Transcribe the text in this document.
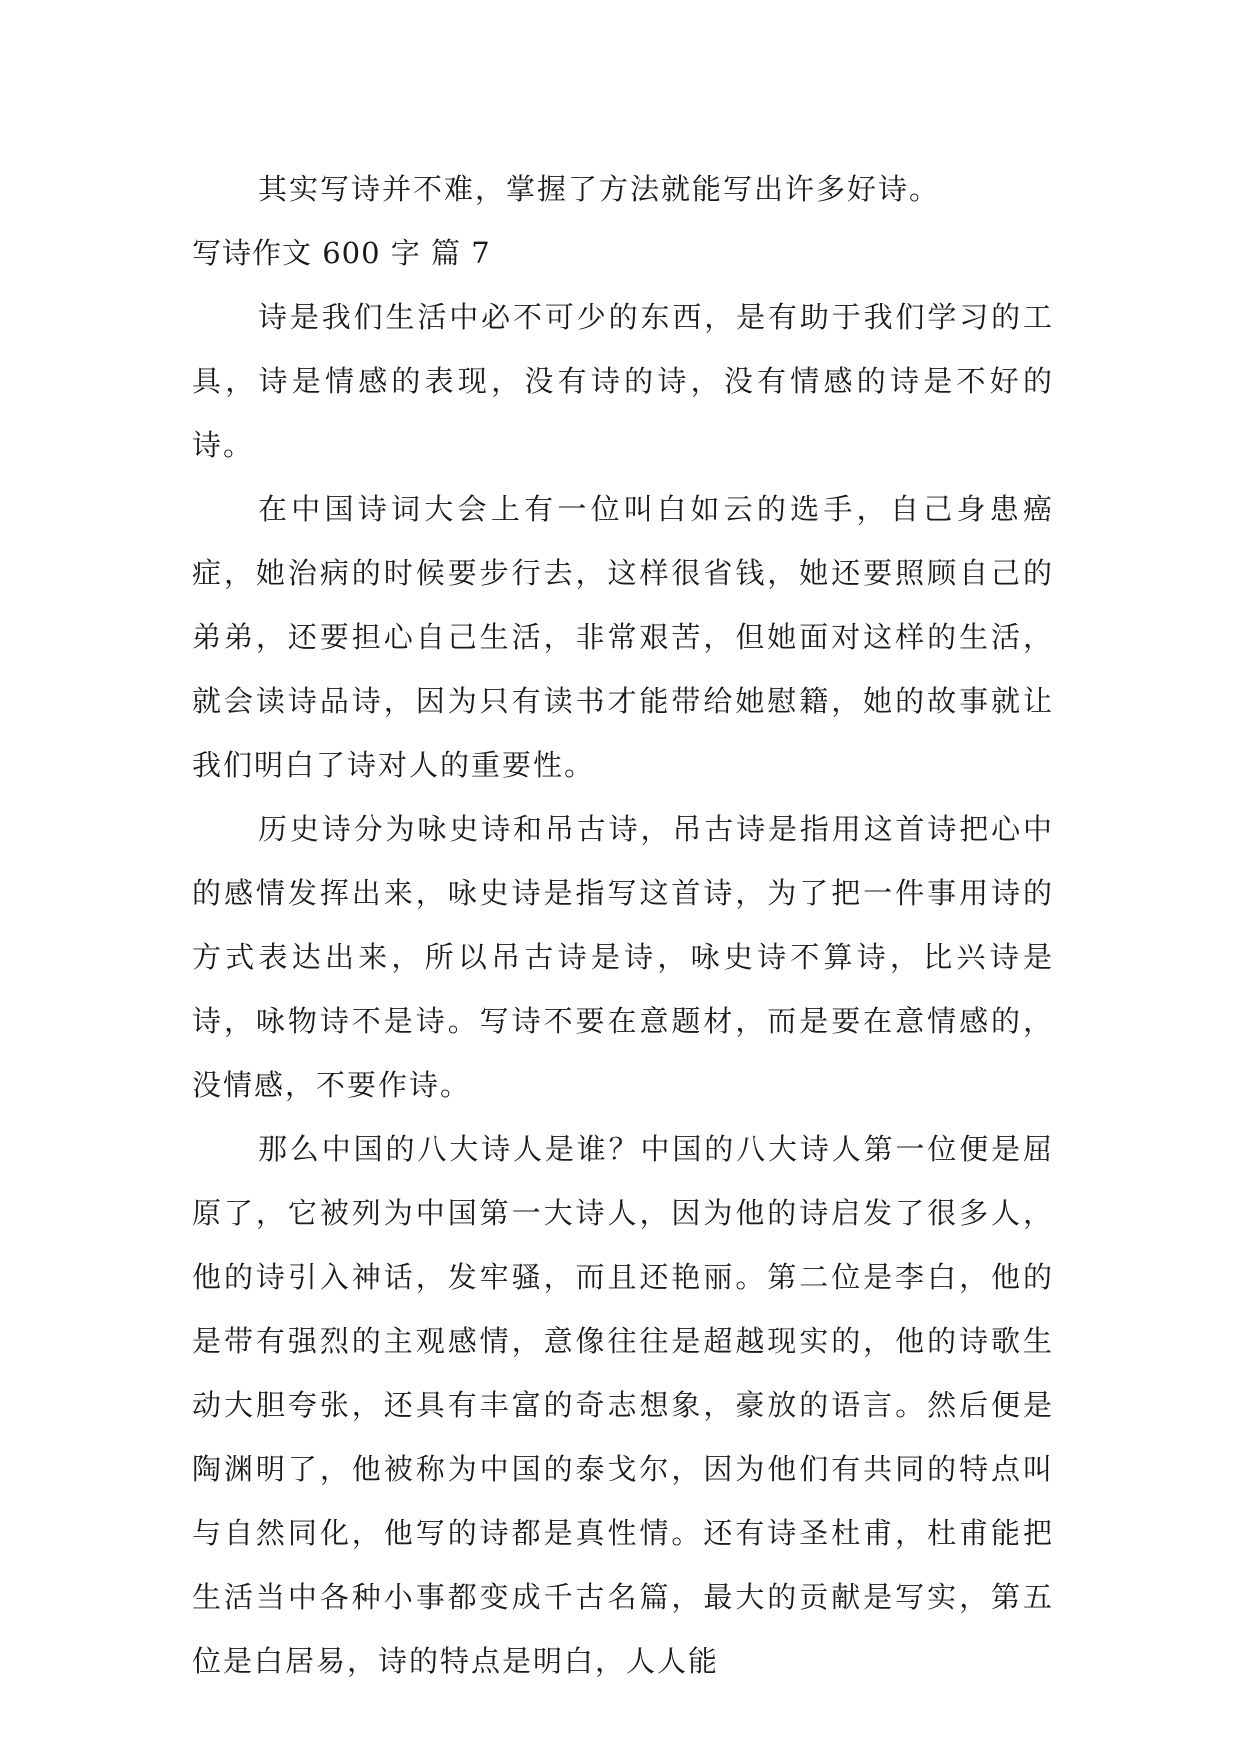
其实写诗并不难，掌握了方法就能写出许多好诗。

写诗作文 600 字 篇 7

诗是我们生活中必不可少的东西，是有助于我们学习的工具，诗是情感的表现，没有诗的诗，没有情感的诗是不好的诗。

在中国诗词大会上有一位叫白如云的选手，自己身患癌症，她治病的时候要步行去，这样很省钱，她还要照顾自己的弟弟，还要担心自己生活，非常艰苦，但她面对这样的生活，就会读诗品诗，因为只有读书才能带给她慰籍，她的故事就让我们明白了诗对人的重要性。

历史诗分为咏史诗和吊古诗，吊古诗是指用这首诗把心中的感情发挥出来，咏史诗是指写这首诗，为了把一件事用诗的方式表达出来，所以吊古诗是诗，咏史诗不算诗，比兴诗是诗，咏物诗不是诗。写诗不要在意题材，而是要在意情感的，没情感，不要作诗。

那么中国的八大诗人是谁？中国的八大诗人第一位便是屈原了，它被列为中国第一大诗人，因为他的诗启发了很多人，他的诗引入神话，发牢骚，而且还艳丽。第二位是李白，他的是带有强烈的主观感情，意像往往是超越现实的，他的诗歌生动大胆夸张，还具有丰富的奇志想象，豪放的语言。然后便是陶渊明了，他被称为中国的泰戈尔，因为他们有共同的特点叫与自然同化，他写的诗都是真性情。还有诗圣杜甫，杜甫能把生活当中各种小事都变成千古名篇，最大的贡献是写实，第五位是白居易，诗的特点是明白，人人能
